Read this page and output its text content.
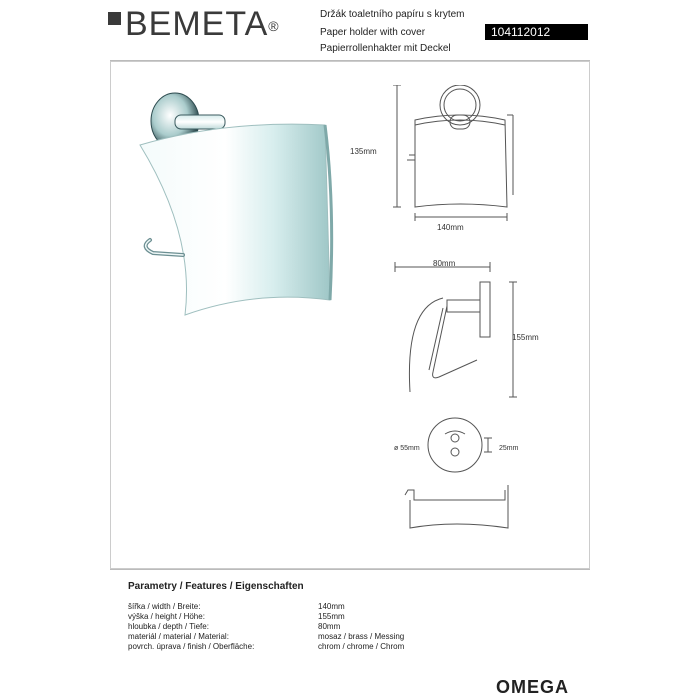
BEMETA®
Držák toaletního papíru s krytem
Paper holder with cover
Papierrollenhakter mit Deckel
104112012
135mm
140mm
80mm
155mm
ø 55mm	25mm
Parametry / Features / Eigenschaften
šířka / width / Breite:	140mm
výška / height / Höhe:	155mm
hloubka / depth / Tiefe:	80mm
materiál / material / Material:	mosaz / brass / Messing
povrch. úprava / finish / Oberfläche:	chrom / chrome / Chrom
OMEGA
